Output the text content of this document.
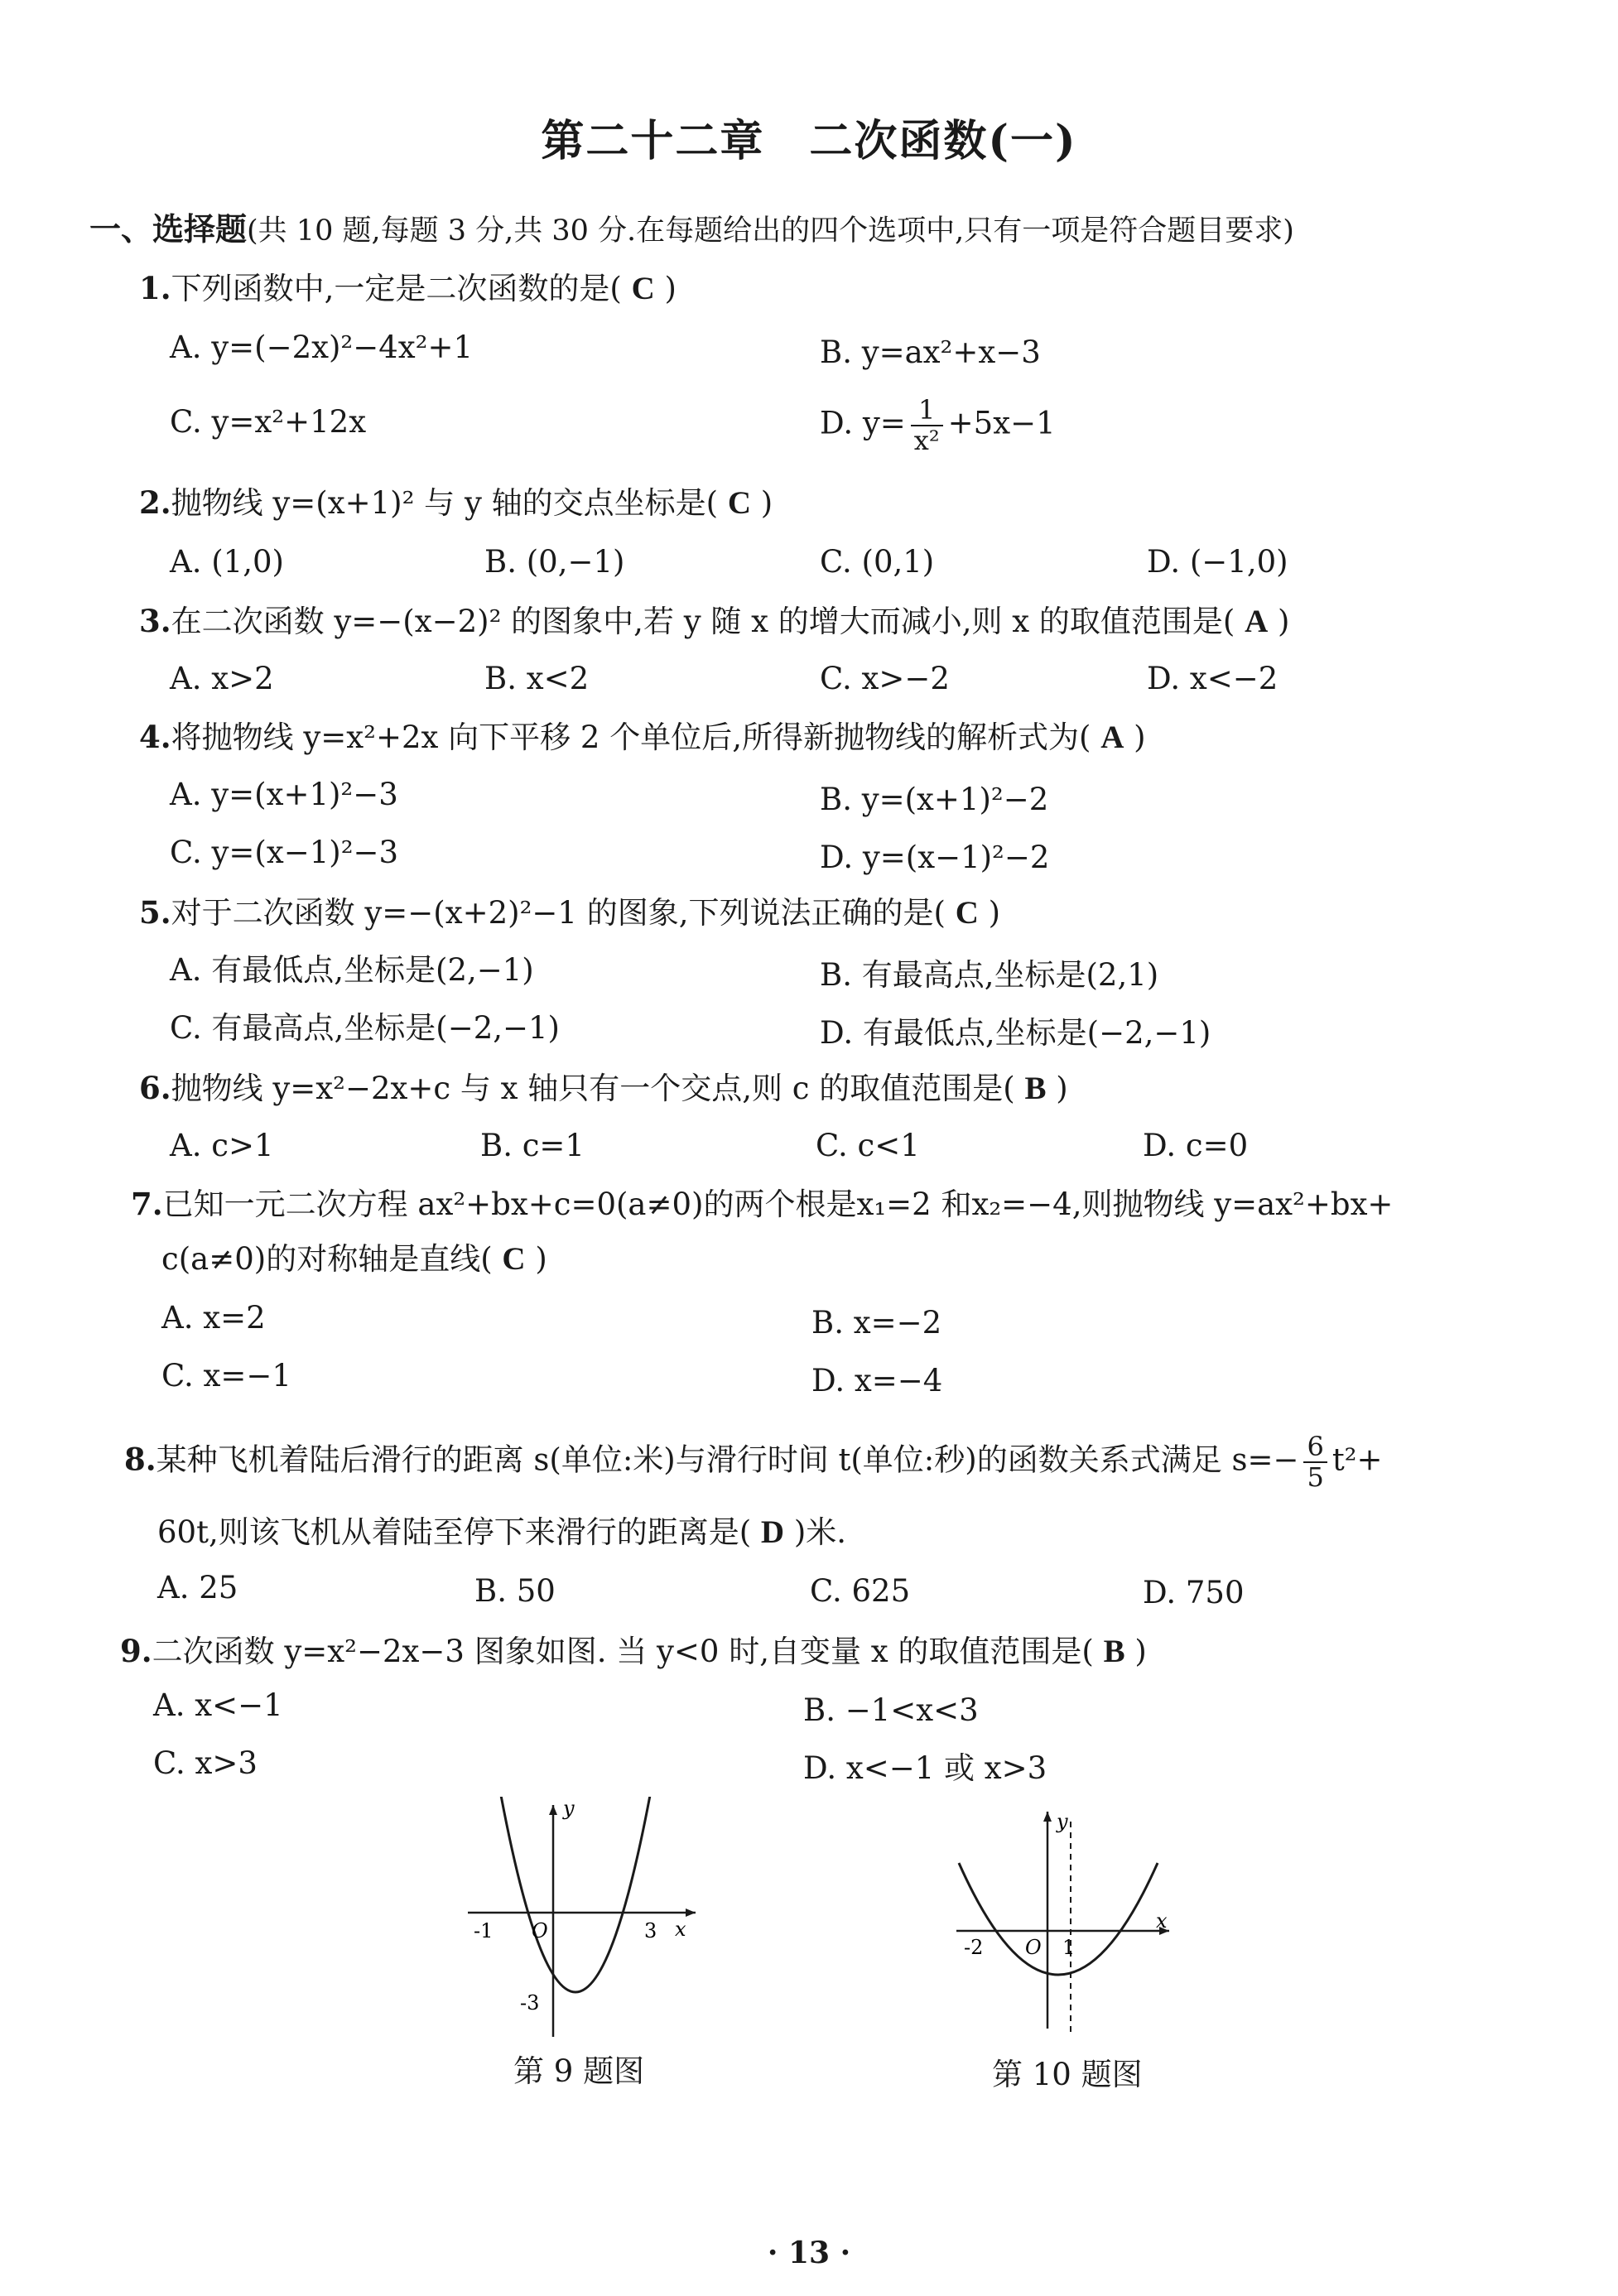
第二十二章　二次函数(一)
一、选择题(共 10 题,每题 3 分,共 30 分.在每题给出的四个选项中,只有一项是符合题目要求)
1.下列函数中,一定是二次函数的是( C )
A. y=(−2x)²−4x²+1	B. y=ax²+x−3
C. y=x²+12x	D. $y= \frac{1}{\text{x²}} +5x-1$
2.抛物线 y=(x+1)² 与 y 轴的交点坐标是( C )
A. (1,0)	B. (0,−1)	C. (0,1)	D. (−1,0)
3.在二次函数 y=−(x−2)² 的图象中,若 y 随 x 的增大而减小,则 x 的取值范围是( A )
A. x>2	B. x<2	C. x>−2	D. x<−2
4.将抛物线 y=x²+2x 向下平移 2 个单位后,所得新抛物线的解析式为( A )
A. y=(x+1)²−3	B. y=(x+1)²−2
C. y=(x−1)²−3	D. y=(x−1)²−2
5.对于二次函数 y=−(x+2)²−1 的图象,下列说法正确的是( C )
A. 有最低点,坐标是(2,−1)	B. 有最高点,坐标是(2,1)
C. 有最高点,坐标是(−2,−1)	D. 有最低点,坐标是(−2,−1)
6.抛物线 y=x²−2x+c 与 x 轴只有一个交点,则 c 的取值范围是( B )
A. c>1	B. c=1	C. c<1	D. c=0
7.已知一元二次方程 ax²+bx+c=0(a≠0)的两个根是x₁=2 和x₂=−4,则抛物线 y=ax²+bx+
c(a≠0)的对称轴是直线( C )
A. x=2	B. x=−2
C. x=−1	D. x=−4
8.某种飞机着陆后滑行的距离 s(单位:米)与滑行时间 t(单位:秒)的函数关系式满足 $s=- \frac{6}{5} t^2+$
60t,则该飞机从着陆至停下来滑行的距离是( D )米.
A. 25	B. 50	C. 625	D. 750
9.二次函数 y=x²−2x−3 图象如图. 当 y<0 时,自变量 x 的取值范围是( B )
A. x<−1	B. −1<x<3
C. x>3	D. x<−1 或 x>3
x
y
O
-1	3
-3
第 9 题图
x
y
O
-2	1
第 10 题图
· 13 ·
